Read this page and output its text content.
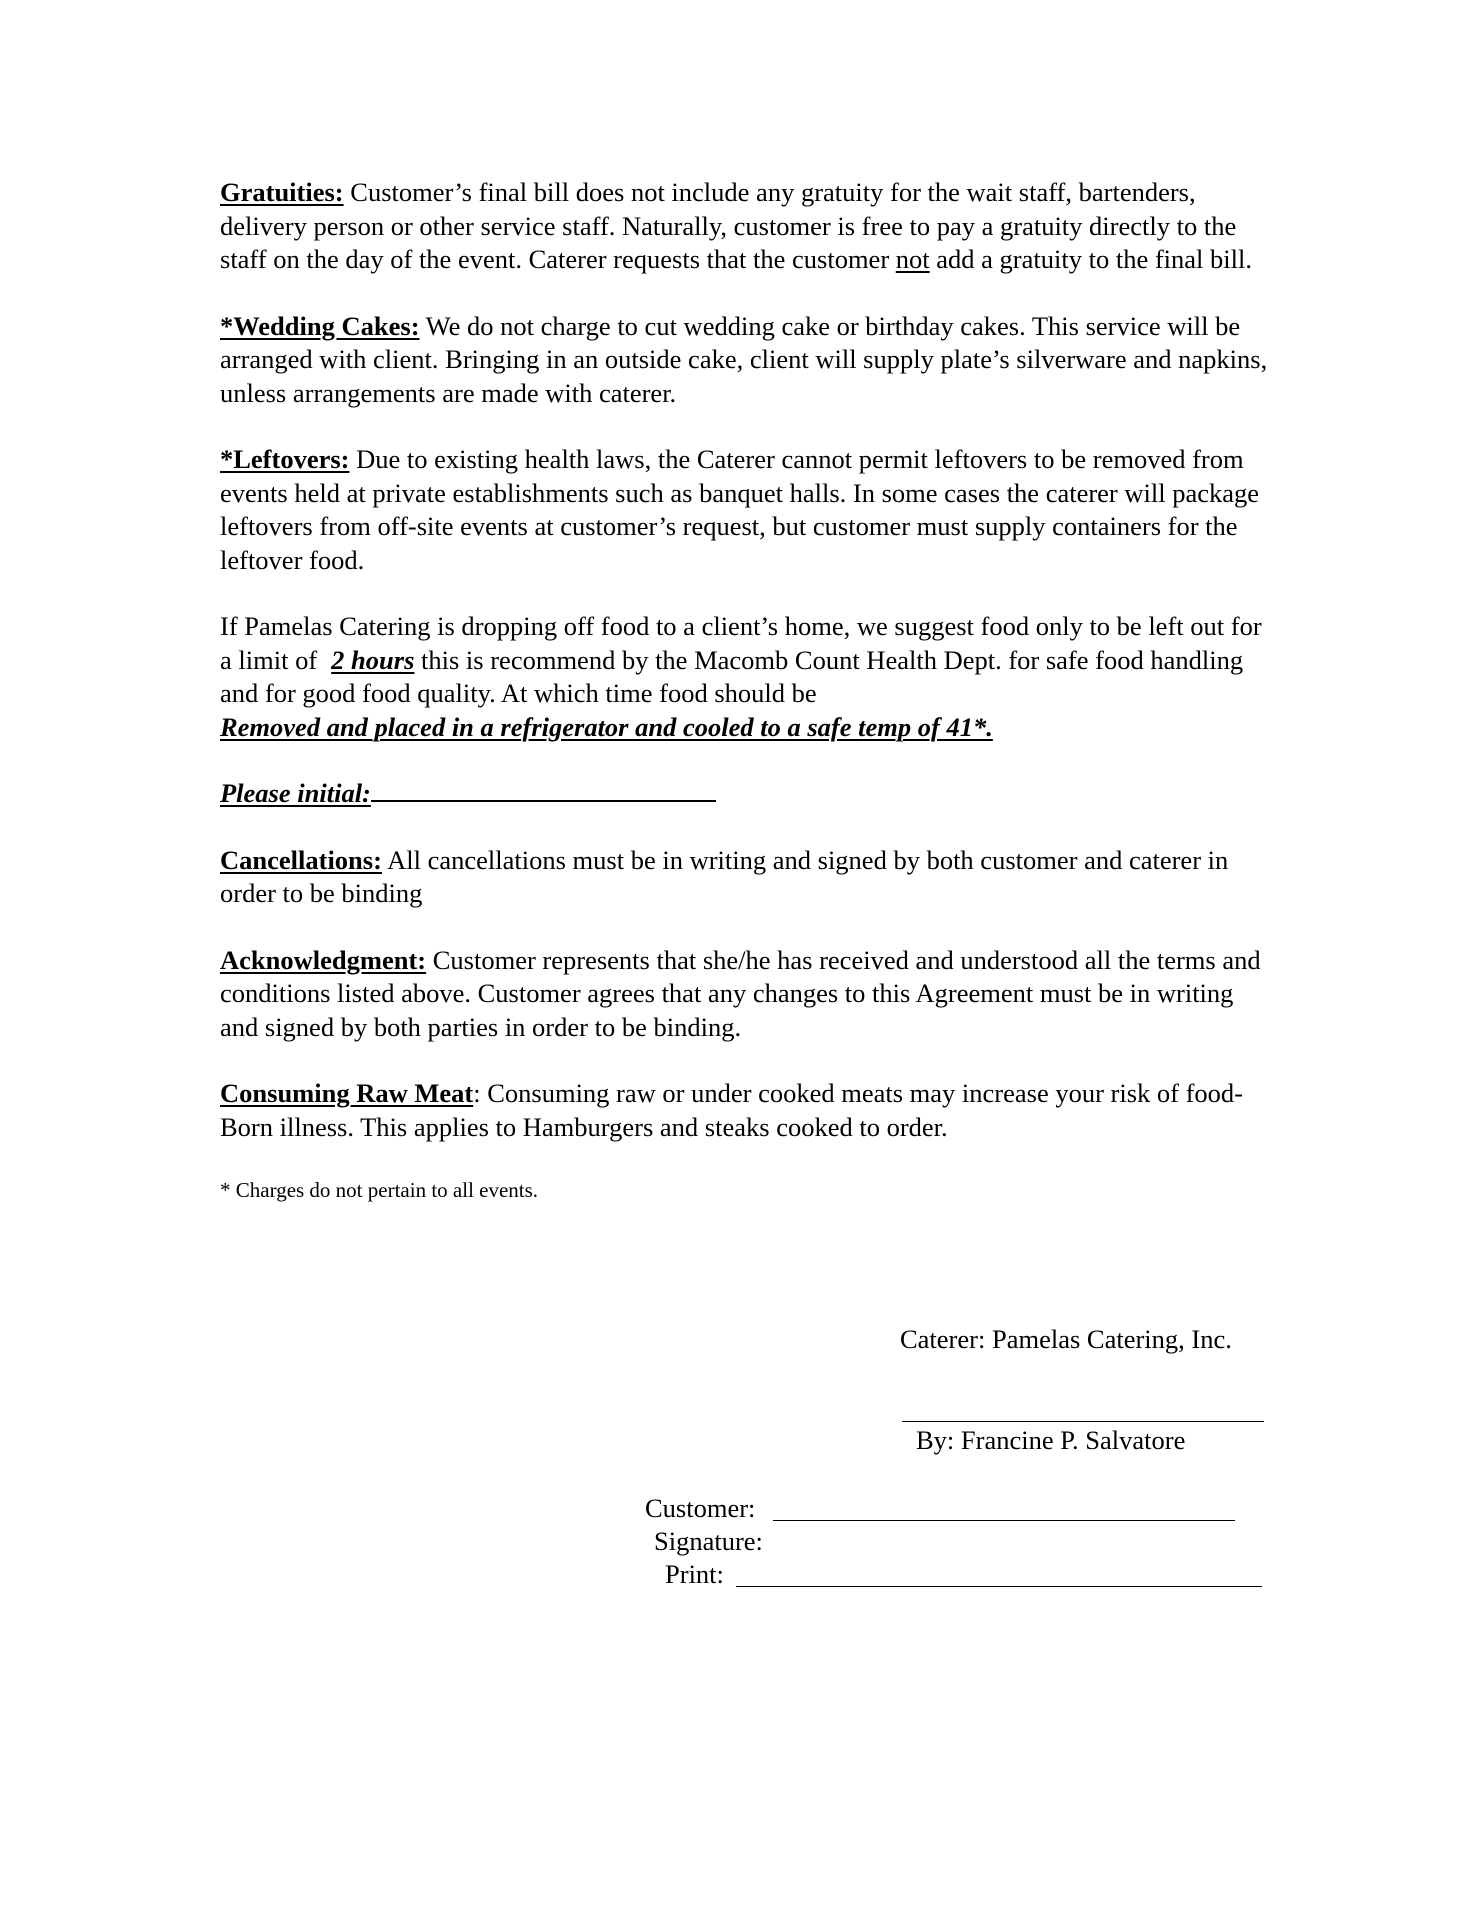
Gratuities: Customer’s final bill does not include any gratuity for the wait staff, bartenders, delivery person or other service staff. Naturally, customer is free to pay a gratuity directly to the staff on the day of the event. Caterer requests that the customer not add a gratuity to the final bill.

*Wedding Cakes: We do not charge to cut wedding cake or birthday cakes. This service will be arranged with client. Bringing in an outside cake, client will supply plate’s silverware and napkins, unless arrangements are made with caterer.

*Leftovers: Due to existing health laws, the Caterer cannot permit leftovers to be removed from events held at private establishments such as banquet halls. In some cases the caterer will package leftovers from off-site events at customer’s request, but customer must supply containers for the leftover food.

If Pamelas Catering is dropping off food to a client’s home, we suggest food only to be left out for a limit of 2 hours this is recommend by the Macomb Count Health Dept. for safe food handling and for good food quality. At which time food should be
Removed and placed in a refrigerator and cooled to a safe temp of 41*.

Please initial:

Cancellations: All cancellations must be in writing and signed by both customer and caterer in order to be binding

Acknowledgment: Customer represents that she/he has received and understood all the terms and conditions listed above. Customer agrees that any changes to this Agreement must be in writing and signed by both parties in order to be binding.

Consuming Raw Meat: Consuming raw or under cooked meats may increase your risk of food-Born illness. This applies to Hamburgers and steaks cooked to order.

* Charges do not pertain to all events.

Caterer: Pamelas Catering, Inc.
By: Francine P. Salvatore
Customer:
Signature:
Print:
